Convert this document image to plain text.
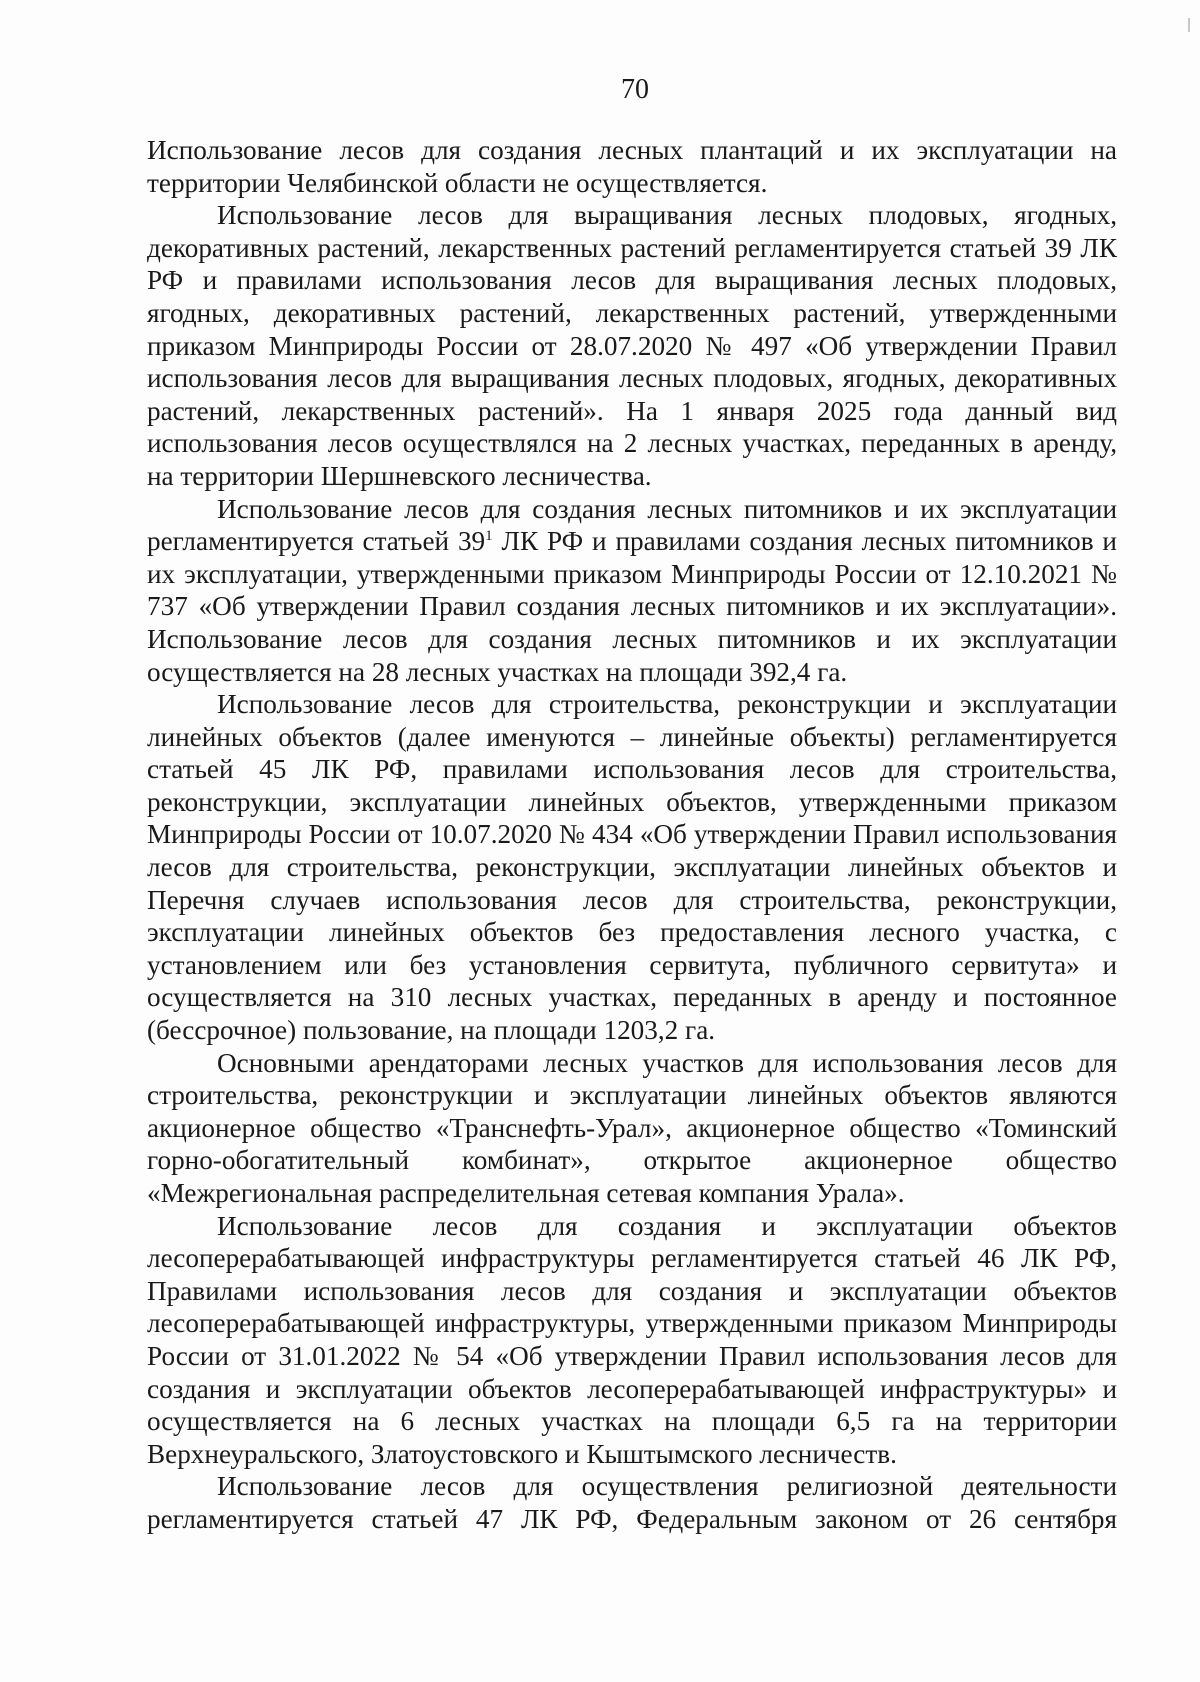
70

Использование лесов для создания лесных плантаций и их эксплуатации на территории Челябинской области не осуществляется.

Использование лесов для выращивания лесных плодовых, ягодных, декоративных растений, лекарственных растений регламентируется статьей 39 ЛК РФ и правилами использования лесов для выращивания лесных плодовых, ягодных, декоративных растений, лекарственных растений, утвержденными приказом Минприроды России от 28.07.2020 № 497 «Об утверждении Правил использования лесов для выращивания лесных плодовых, ягодных, декоративных растений, лекарственных растений». На 1 января 2025 года данный вид использования лесов осуществлялся на 2 лесных участках, переданных в аренду, на территории Шершневского лесничества.

Использование лесов для создания лесных питомников и их эксплуатации регламентируется статьей $39^1$ ЛК РФ и правилами создания лесных питомников и их эксплуатации, утвержденными приказом Минприроды России от 12.10.2021 № 737 «Об утверждении Правил создания лесных питомников и их эксплуатации». Использование лесов для создания лесных питомников и их эксплуатации осуществляется на 28 лесных участках на площади 392,4 га.

Использование лесов для строительства, реконструкции и эксплуатации линейных объектов (далее именуются – линейные объекты) регламентируется статьей 45 ЛК РФ, правилами использования лесов для строительства, реконструкции, эксплуатации линейных объектов, утвержденными приказом Минприроды России от 10.07.2020 № 434 «Об утверждении Правил использования лесов для строительства, реконструкции, эксплуатации линейных объектов и Перечня случаев использования лесов для строительства, реконструкции, эксплуатации линейных объектов без предоставления лесного участка, с установлением или без установления сервитута, публичного сервитута» и осуществляется на 310 лесных участках, переданных в аренду и постоянное (бессрочное) пользование, на площади 1203,2 га.

Основными арендаторами лесных участков для использования лесов для строительства, реконструкции и эксплуатации линейных объектов являются акционерное общество «Транснефть-Урал», акционерное общество «Томинский горно-обогатительный комбинат», открытое акционерное общество «Межрегиональная распределительная сетевая компания Урала».

Использование лесов для создания и эксплуатации объектов лесоперерабатывающей инфраструктуры регламентируется статьей 46 ЛК РФ, Правилами использования лесов для создания и эксплуатации объектов лесоперерабатывающей инфраструктуры, утвержденными приказом Минприроды России от 31.01.2022 № 54 «Об утверждении Правил использования лесов для создания и эксплуатации объектов лесоперерабатывающей инфраструктуры» и осуществляется на 6 лесных участках на площади 6,5 га на территории Верхнеуральского, Златоустовского и Кыштымского лесничеств.

Использование лесов для осуществления религиозной деятельности регламентируется статьей 47 ЛК РФ, Федеральным законом от 26 сентября
